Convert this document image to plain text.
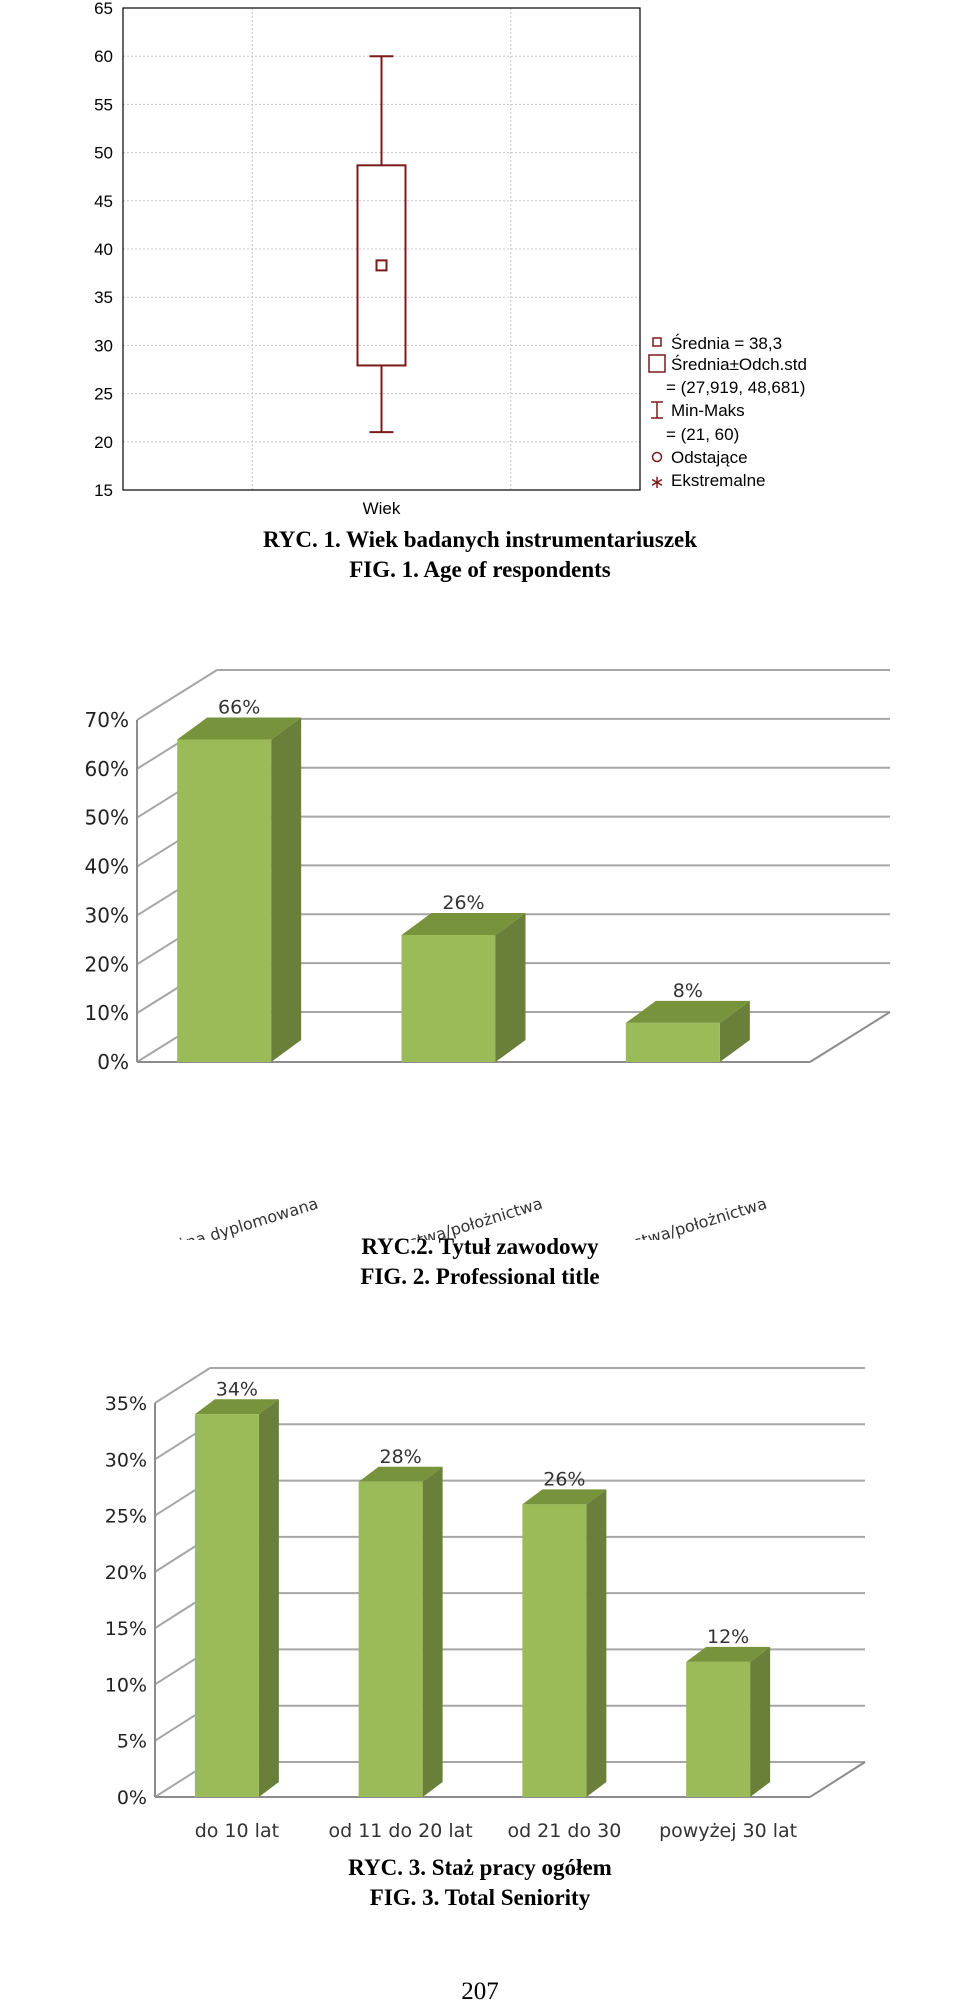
15
20
25
30
35
40
45
50
55
60
65
Wiek
Średnia = 38,3
Średnia±Odch.std
= (27,919, 48,681)
Min-Maks
= (21, 60)
Odstające
∗ Ekstremalne
RYC. 1. Wiek badanych instrumentariuszek
FIG. 1. Age of respondents
0%
10%
20%
30%
40%
50%
60%
70%
66%
26%
8%
RYC.2. Tytuł zawodowy
FIG. 2. Professional title
0%
5%
10%
15%
20%
25%
30%
35%
34%
do 10 lat
28%
od 11 do 20 lat
26%
od 21 do 30
12%
powyżej 30 lat
RYC. 3. Staż pracy ogółem
FIG. 3. Total Seniority
207
